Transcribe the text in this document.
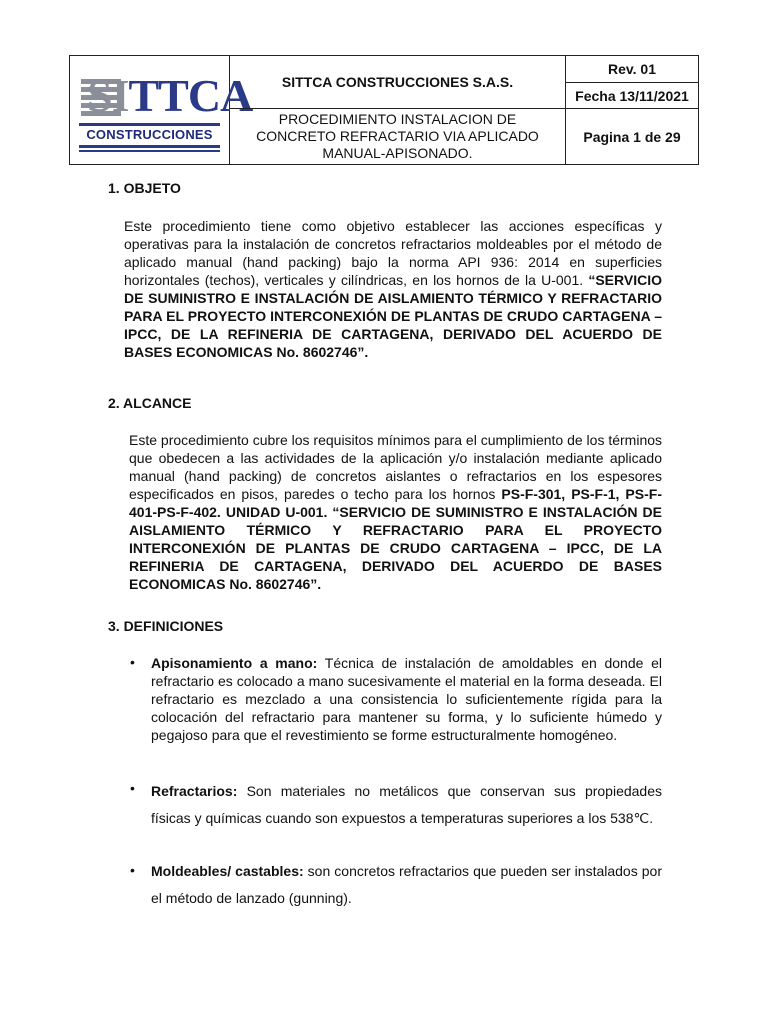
SITTCA
CONSTRUCCIONES
SITTCA CONSTRUCCIONES S.A.S.
PROCEDIMIENTO INSTALACION DE CONCRETO REFRACTARIO VIA APLICADO MANUAL-APISONADO.
Rev. 01
Fecha 13/11/2021
Pagina 1 de 29
1. OBJETO
Este procedimiento tiene como objetivo establecer las acciones específicas y operativas para la instalación de concretos refractarios moldeables por el método de aplicado manual (hand packing) bajo la norma API 936: 2014 en superficies horizontales (techos), verticales y cilíndricas, en los hornos de la U-001. “SERVICIO DE SUMINISTRO E INSTALACIÓN DE AISLAMIENTO TÉRMICO Y REFRACTARIO PARA EL PROYECTO INTERCONEXIÓN DE PLANTAS DE CRUDO CARTAGENA – IPCC, DE LA REFINERIA DE CARTAGENA, DERIVADO DEL ACUERDO DE BASES ECONOMICAS No. 8602746”.
2. ALCANCE
Este procedimiento cubre los requisitos mínimos para el cumplimiento de los términos que obedecen a las actividades de la aplicación y/o instalación mediante aplicado manual (hand packing) de concretos aislantes o refractarios en los espesores especificados en pisos, paredes o techo para los hornos PS-F-301, PS-F-1, PS-F-401-PS-F-402. UNIDAD U-001. “SERVICIO DE SUMINISTRO E INSTALACIÓN DE AISLAMIENTO TÉRMICO Y REFRACTARIO PARA EL PROYECTO INTERCONEXIÓN DE PLANTAS DE CRUDO CARTAGENA – IPCC, DE LA REFINERIA DE CARTAGENA, DERIVADO DEL ACUERDO DE BASES ECONOMICAS No. 8602746”.
3. DEFINICIONES
• Apisonamiento a mano: Técnica de instalación de amoldables en donde el refractario es colocado a mano sucesivamente el material en la forma deseada. El refractario es mezclado a una consistencia lo suficientemente rígida para la colocación del refractario para mantener su forma, y lo suficiente húmedo y pegajoso para que el revestimiento se forme estructuralmente homogéneo.
• Refractarios: Son materiales no metálicos que conservan sus propiedades físicas y químicas cuando son expuestos a temperaturas superiores a los 538℃.
• Moldeables/ castables: son concretos refractarios que pueden ser instalados por el método de lanzado (gunning).
